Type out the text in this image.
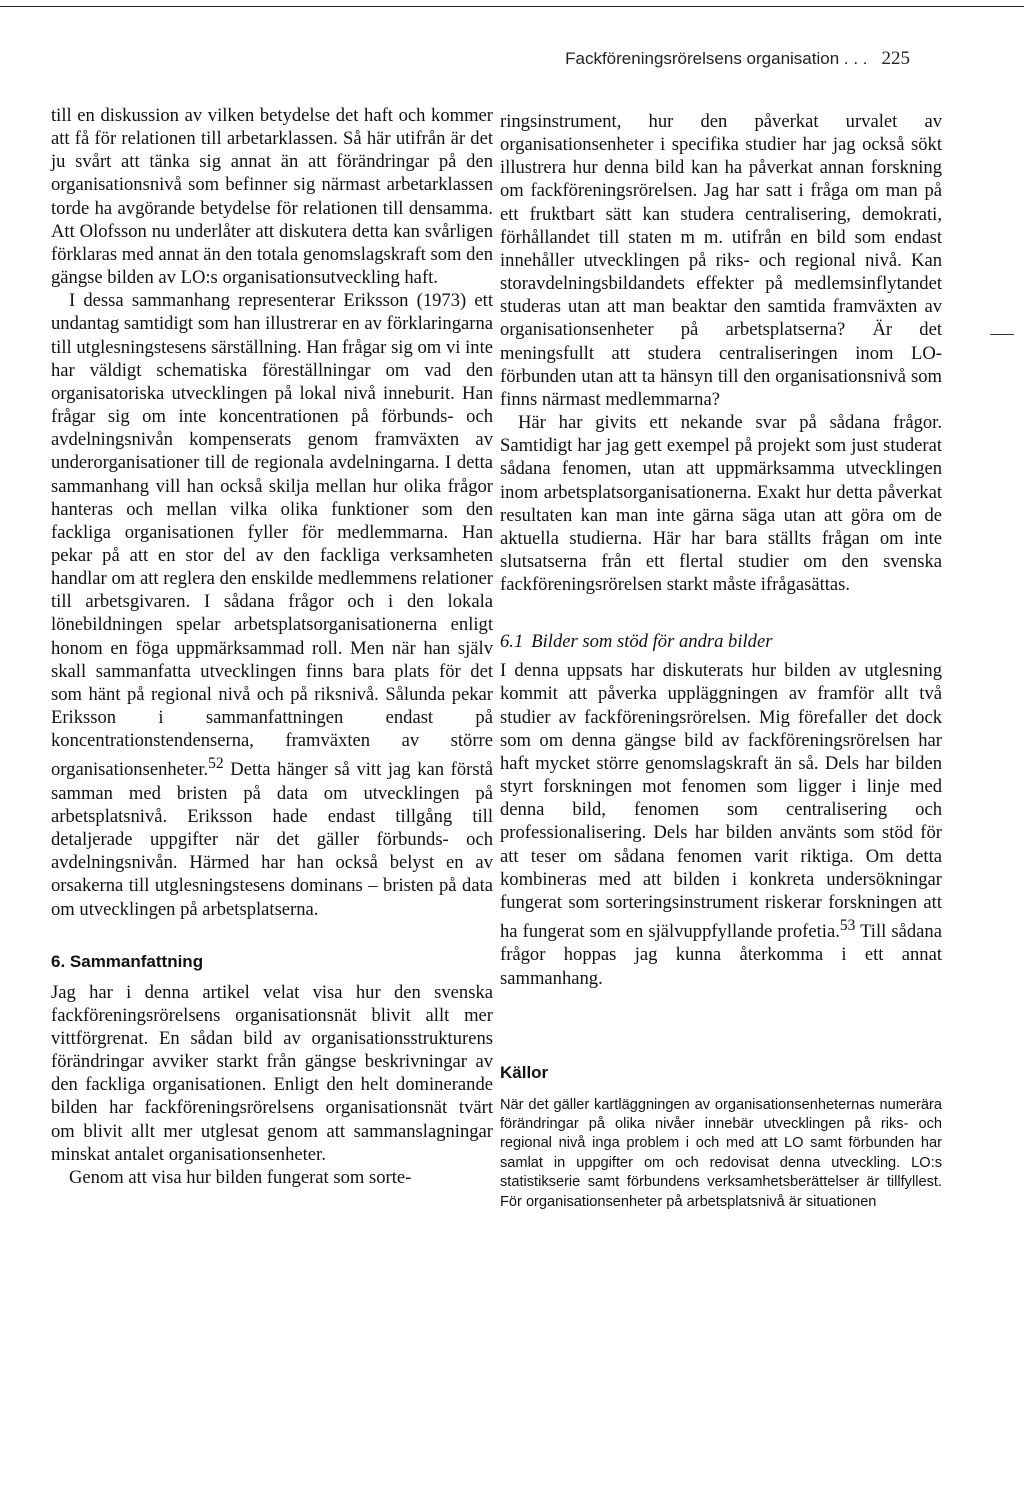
Fackföreningsrörelsens organisation . . . 225

till en diskussion av vilken betydelse det haft och kommer att få för relationen till arbetarklassen. Så här utifrån är det ju svårt att tänka sig annat än att förändringar på den organisationsnivå som befinner sig närmast arbetarklassen torde ha avgörande betydelse för relationen till densamma. Att Olofsson nu underlåter att diskutera detta kan svårligen förklaras med annat än den totala genomslagskraft som den gängse bilden av LO:s organisationsutveckling haft.

I dessa sammanhang representerar Eriksson (1973) ett undantag samtidigt som han illustrerar en av förklaringarna till utglesningstesens särställning. Han frågar sig om vi inte har väldigt schematiska föreställningar om vad den organisatoriska utvecklingen på lokal nivå inneburit. Han frågar sig om inte koncentrationen på förbunds- och avdelningsnivån kompenserats genom framväxten av underorganisationer till de regionala avdelningarna. I detta sammanhang vill han också skilja mellan hur olika frågor hanteras och mellan vilka olika funktioner som den fackliga organisationen fyller för medlemmarna. Han pekar på att en stor del av den fackliga verksamheten handlar om att reglera den enskilde medlemmens relationer till arbetsgivaren. I sådana frågor och i den lokala lönebildningen spelar arbetsplatsorganisationerna enligt honom en föga uppmärksammad roll. Men när han själv skall sammanfatta utvecklingen finns bara plats för det som hänt på regional nivå och på riksnivå. Sålunda pekar Eriksson i sammanfattningen endast på koncentrationstendenserna, framväxten av större organisationsenheter.$^{52}$ Detta hänger så vitt jag kan förstå samman med bristen på data om utvecklingen på arbetsplatsnivå. Eriksson hade endast tillgång till detaljerade uppgifter när det gäller förbunds- och avdelningsnivån. Härmed har han också belyst en av orsakerna till utglesningstesens dominans – bristen på data om utvecklingen på arbetsplatserna.

6. Sammanfattning

Jag har i denna artikel velat visa hur den svenska fackföreningsrörelsens organisationsnät blivit allt mer vittförgrenat. En sådan bild av organisationsstrukturens förändringar avviker starkt från gängse beskrivningar av den fackliga organisationen. Enligt den helt dominerande bilden har fackföreningsrörelsens organisationsnät tvärt om blivit allt mer utglesat genom att sammanslagningar minskat antalet organisationsenheter.

Genom att visa hur bilden fungerat som sorte-

ringsinstrument, hur den påverkat urvalet av organisationsenheter i specifika studier har jag också sökt illustrera hur denna bild kan ha påverkat annan forskning om fackföreningsrörelsen. Jag har satt i fråga om man på ett fruktbart sätt kan studera centralisering, demokrati, förhållandet till staten m m. utifrån en bild som endast innehåller utvecklingen på riks- och regional nivå. Kan storavdelningsbildandets effekter på medlemsinflytandet studeras utan att man beaktar den samtida framväxten av organisationsenheter på arbetsplatserna? Är det meningsfullt att studera centraliseringen inom LO-förbunden utan att ta hänsyn till den organisationsnivå som finns närmast medlemmarna?

Här har givits ett nekande svar på sådana frågor. Samtidigt har jag gett exempel på projekt som just studerat sådana fenomen, utan att uppmärksamma utvecklingen inom arbetsplatsorganisationerna. Exakt hur detta påverkat resultaten kan man inte gärna säga utan att göra om de aktuella studierna. Här har bara ställts frågan om inte slutsatserna från ett flertal studier om den svenska fackföreningsrörelsen starkt måste ifrågasättas.

6.1 Bilder som stöd för andra bilder

I denna uppsats har diskuterats hur bilden av utglesning kommit att påverka uppläggningen av framför allt två studier av fackföreningsrörelsen. Mig förefaller det dock som om denna gängse bild av fackföreningsrörelsen har haft mycket större genomslagskraft än så. Dels har bilden styrt forskningen mot fenomen som ligger i linje med denna bild, fenomen som centralisering och professionalisering. Dels har bilden använts som stöd för att teser om sådana fenomen varit riktiga. Om detta kombineras med att bilden i konkreta undersökningar fungerat som sorteringsinstrument riskerar forskningen att ha fungerat som en självuppfyllande profetia.$^{53}$ Till sådana frågor hoppas jag kunna återkomma i ett annat sammanhang.

Källor

När det gäller kartläggningen av organisationsenheternas numerära förändringar på olika nivåer innebär utvecklingen på riks- och regional nivå inga problem i och med att LO samt förbunden har samlat in uppgifter om och redovisat denna utveckling. LO:s statistikserie samt förbundens verksamhetsberättelser är tillfyllest. För organisationsenheter på arbetsplatsnivå är situationen
